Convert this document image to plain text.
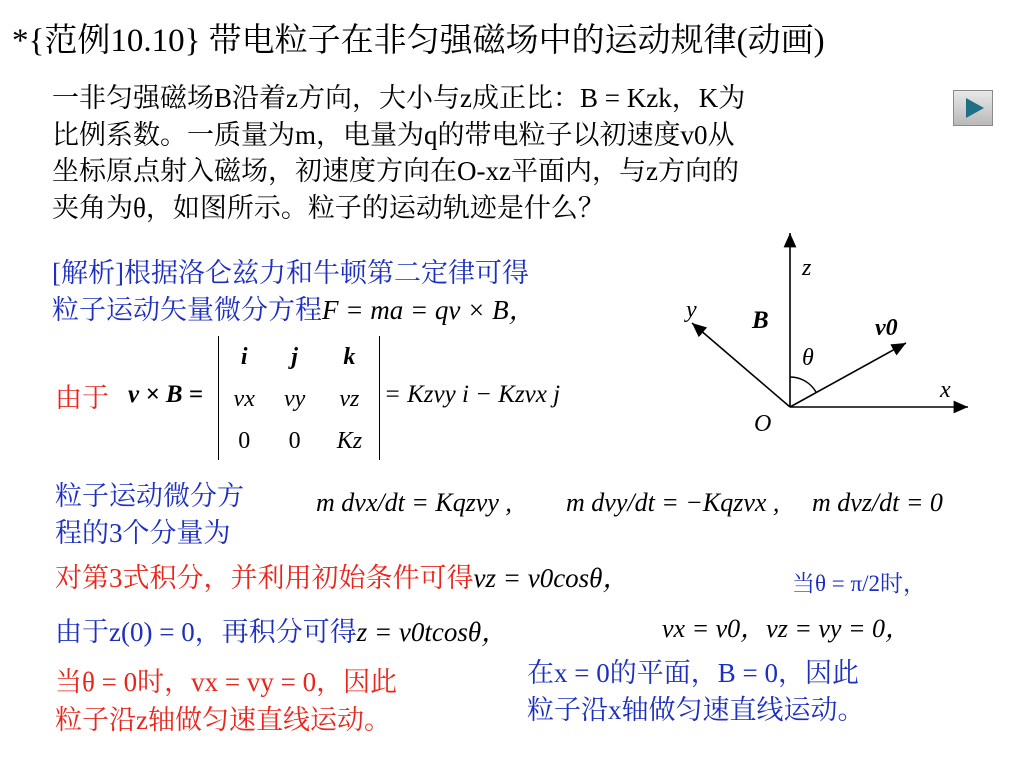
*{范例10.10} 带电粒子在非匀强磁场中的运动规律(动画)
一非匀强磁场B沿着z方向，大小与z成正比：B = Kzk，K为
比例系数。一质量为m，电量为q的带电粒子以初速度v0从
坐标原点射入磁场，初速度方向在O-xz平面内，与z方向的
夹角为θ，如图所示。粒子的运动轨迹是什么？
z
y
x
O
B	v0
θ
[解析]根据洛仑兹力和牛顿第二定律可得
粒子运动矢量微分方程F = ma = qv × B，
由于 v × B =
i	j	k
vx	vy	vz
0	0	Kz
= Kzvy i − Kzvx j
粒子运动微分方
程的3个分量为
m dvx/dt = Kqzvy , m dvy/dt = −Kqzvx , m dvz/dt = 0
对第3式积分，并利用初始条件可得vz = v0cosθ，	当θ = π/2时，
vx = v0，vz = vy = 0，
由于z(0) = 0，再积分可得z = v0tcosθ，
当θ = 0时，vx = vy = 0，因此
粒子沿z轴做匀速直线运动。
在x = 0的平面，B = 0，因此
粒子沿x轴做匀速直线运动。
